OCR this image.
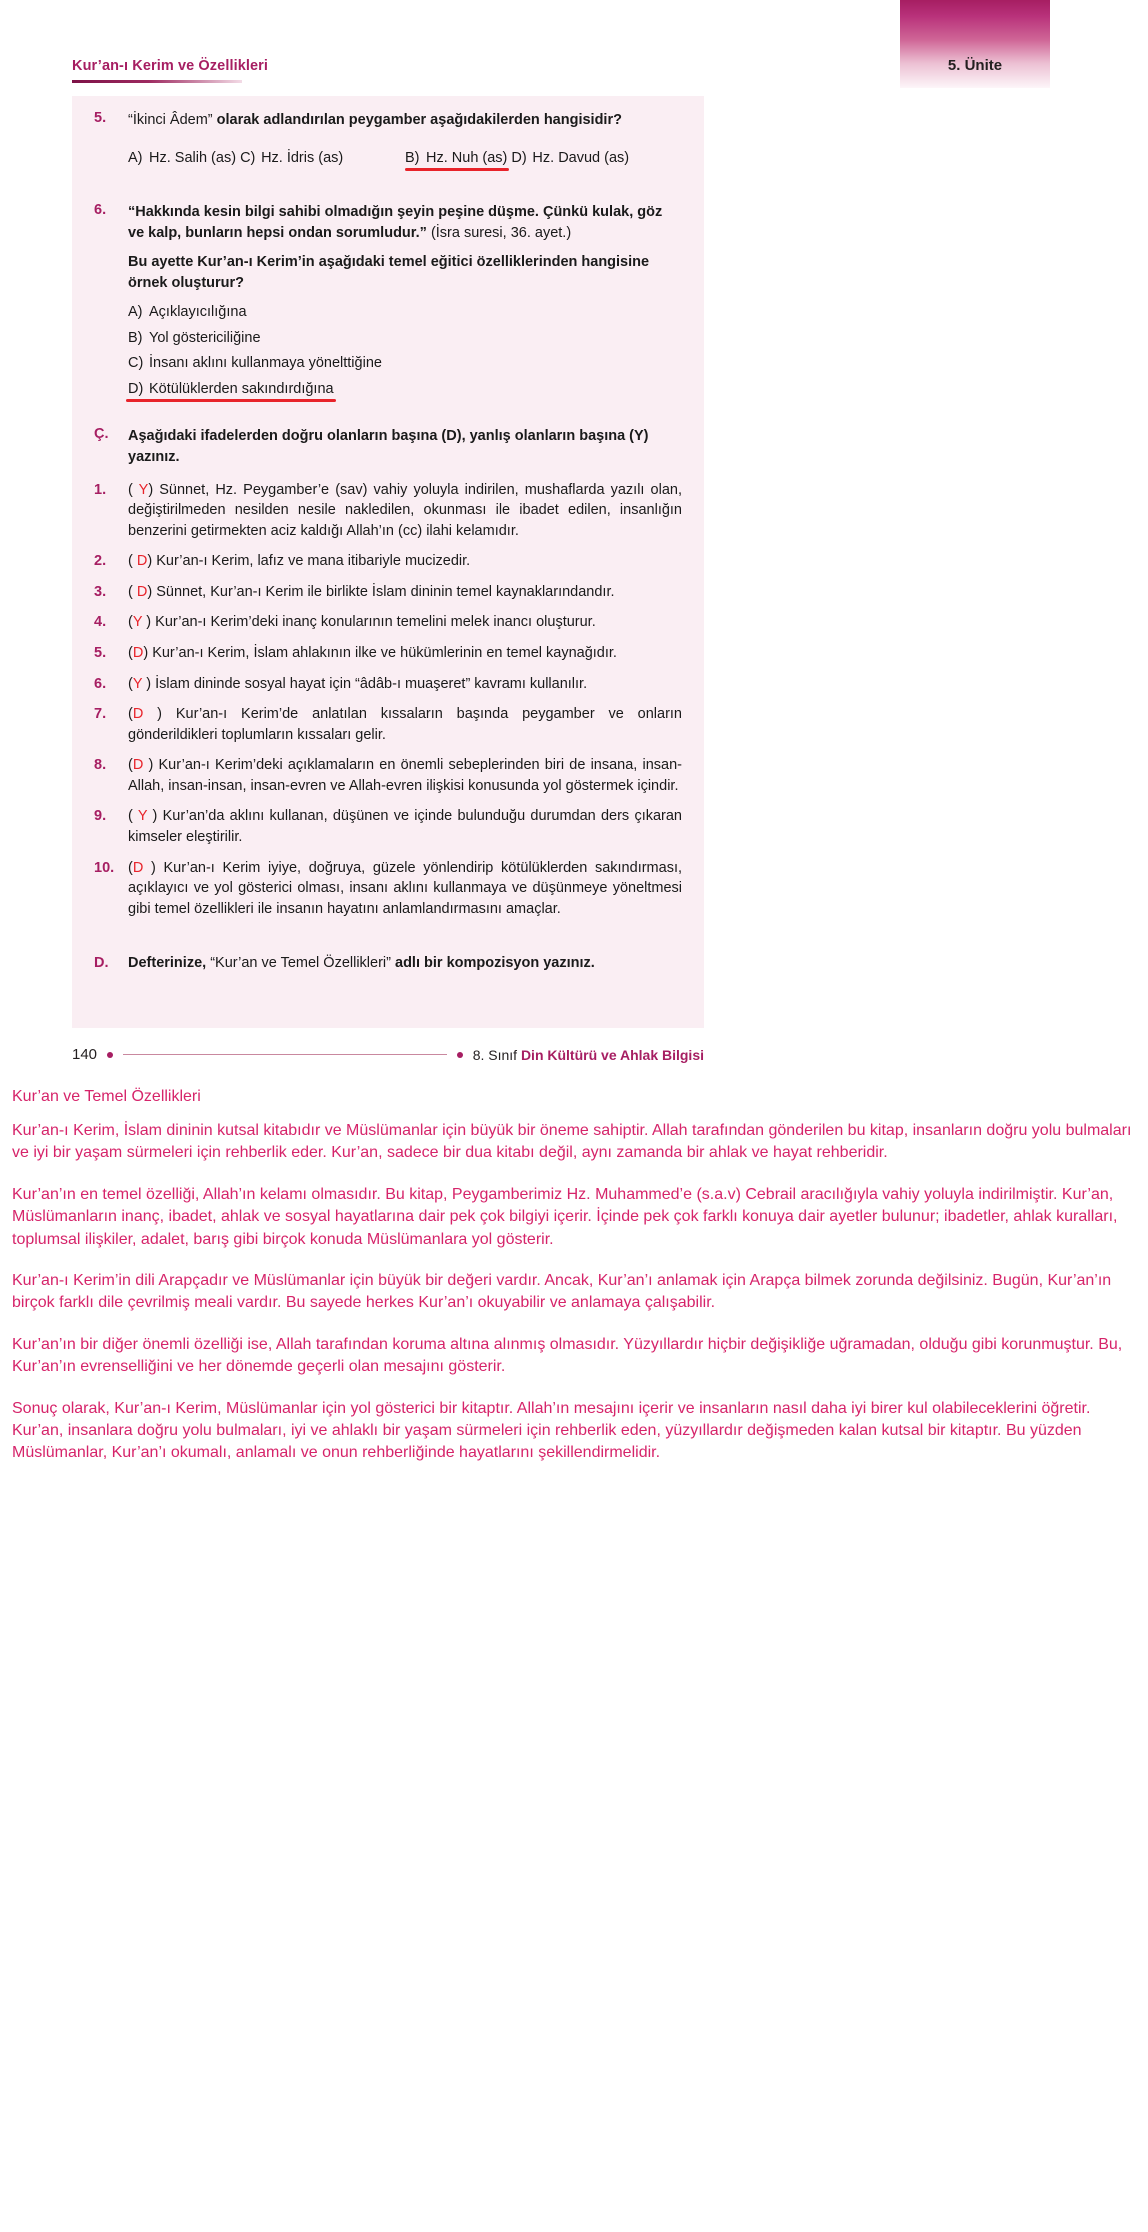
5. Ünite
Kur’an-ı Kerim ve Özellikleri
5.	“İkinci Âdem” olarak adlandırılan peygamber aşağıdakilerden hangisidir?
A) Hz. Salih (as) C) Hz. İdris (as)	B) Hz. Nuh (as) D) Hz. Davud (as)
6.	“Hakkında kesin bilgi sahibi olmadığın şeyin peşine düşme. Çünkü kulak, göz ve kalp, bunların hepsi ondan sorumludur.” (İsra suresi, 36. ayet.)
Bu ayette Kur’an-ı Kerim’in aşağıdaki temel eğitici özelliklerinden hangisine örnek oluşturur?
A) Açıklayıcılığına
B) Yol göstericiliğine
C) İnsanı aklını kullanmaya yönelttiğine
D) Kötülüklerden sakındırdığına
Ç.	Aşağıdaki ifadelerden doğru olanların başına (D), yanlış olanların başına (Y) yazınız.
1.	( Y) Sünnet, Hz. Peygamber’e (sav) vahiy yoluyla indirilen, mushaflarda yazılı olan, değiştirilmeden nesilden nesile nakledilen, okunması ile ibadet edilen, insanlığın benzerini getirmekten aciz kaldığı Allah’ın (cc) ilahi kelamıdır.
2.	( D) Kur’an-ı Kerim, lafız ve mana itibariyle mucizedir.
3.	( D) Sünnet, Kur’an-ı Kerim ile birlikte İslam dininin temel kaynaklarındandır.
4.	(Y ) Kur’an-ı Kerim’deki inanç konularının temelini melek inancı oluşturur.
5.	(D) Kur’an-ı Kerim, İslam ahlakının ilke ve hükümlerinin en temel kaynağıdır.
6.	(Y ) İslam dininde sosyal hayat için “âdâb-ı muaşeret” kavramı kullanılır.
7.	(D ) Kur’an-ı Kerim’de anlatılan kıssaların başında peygamber ve onların gönderildikleri toplumların kıssaları gelir.
8.	(D ) Kur’an-ı Kerim’deki açıklamaların en önemli sebeplerinden biri de insana, insan-Allah, insan-insan, insan-evren ve Allah-evren ilişkisi konusunda yol göstermek içindir.
9.	( Y ) Kur’an’da aklını kullanan, düşünen ve içinde bulunduğu durumdan ders çıkaran kimseler eleştirilir.
10. (D ) Kur’an-ı Kerim iyiye, doğruya, güzele yönlendirip kötülüklerden sakındırması, açıklayıcı ve yol gösterici olması, insanı aklını kullanmaya ve düşünmeye yöneltmesi gibi temel özellikleri ile insanın hayatını anlamlandırmasını amaçlar.
D.	Defterinize, “Kur’an ve Temel Özellikleri” adlı bir kompozisyon yazınız.
140	8. Sınıf Din Kültürü ve Ahlak Bilgisi
Kur’an ve Temel Özellikleri

Kur’an-ı Kerim, İslam dininin kutsal kitabıdır ve Müslümanlar için büyük bir öneme sahiptir. Allah tarafından gönderilen bu kitap, insanların doğru yolu bulmaları ve iyi bir yaşam sürmeleri için rehberlik eder. Kur’an, sadece bir dua kitabı değil, aynı zamanda bir ahlak ve hayat rehberidir.

Kur’an’ın en temel özelliği, Allah’ın kelamı olmasıdır. Bu kitap, Peygamberimiz Hz. Muhammed’e (s.a.v) Cebrail aracılığıyla vahiy yoluyla indirilmiştir. Kur’an, Müslümanların inanç, ibadet, ahlak ve sosyal hayatlarına dair pek çok bilgiyi içerir. İçinde pek çok farklı konuya dair ayetler bulunur; ibadetler, ahlak kuralları, toplumsal ilişkiler, adalet, barış gibi birçok konuda Müslümanlara yol gösterir.

Kur’an-ı Kerim’in dili Arapçadır ve Müslümanlar için büyük bir değeri vardır. Ancak, Kur’an’ı anlamak için Arapça bilmek zorunda değilsiniz. Bugün, Kur’an’ın birçok farklı dile çevrilmiş meali vardır. Bu sayede herkes Kur’an’ı okuyabilir ve anlamaya çalışabilir.

Kur’an’ın bir diğer önemli özelliği ise, Allah tarafından koruma altına alınmış olmasıdır. Yüzyıllardır hiçbir değişikliğe uğramadan, olduğu gibi korunmuştur. Bu, Kur’an’ın evrenselliğini ve her dönemde geçerli olan mesajını gösterir.

Sonuç olarak, Kur’an-ı Kerim, Müslümanlar için yol gösterici bir kitaptır. Allah’ın mesajını içerir ve insanların nasıl daha iyi birer kul olabileceklerini öğretir. Kur’an, insanlara doğru yolu bulmaları, iyi ve ahlaklı bir yaşam sürmeleri için rehberlik eden, yüzyıllardır değişmeden kalan kutsal bir kitaptır. Bu yüzden Müslümanlar, Kur’an’ı okumalı, anlamalı ve onun rehberliğinde hayatlarını şekillendirmelidir.
